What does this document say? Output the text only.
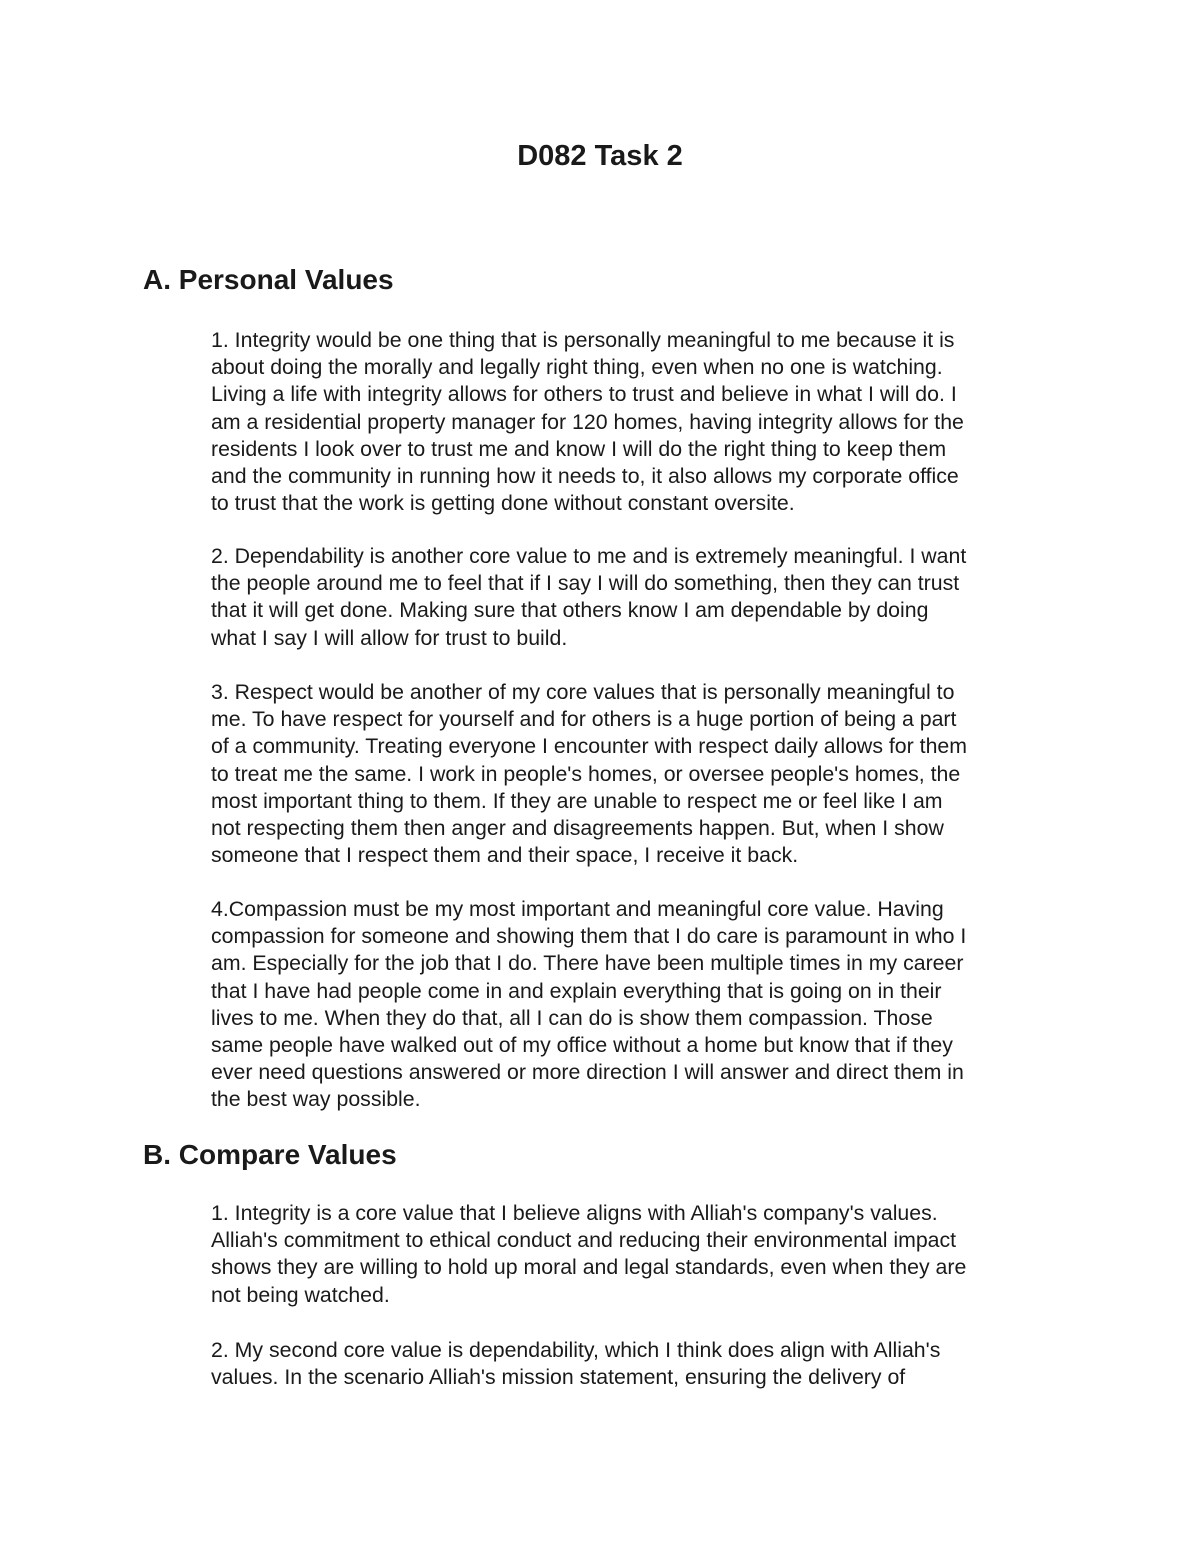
D082 Task 2
A. Personal Values

1. Integrity would be one thing that is personally meaningful to me because it is
about doing the morally and legally right thing, even when no one is watching.
Living a life with integrity allows for others to trust and believe in what I will do. I
am a residential property manager for 120 homes, having integrity allows for the
residents I look over to trust me and know I will do the right thing to keep them
and the community in running how it needs to, it also allows my corporate office
to trust that the work is getting done without constant oversite.

2. Dependability is another core value to me and is extremely meaningful. I want
the people around me to feel that if I say I will do something, then they can trust
that it will get done. Making sure that others know I am dependable by doing
what I say I will allow for trust to build.

3. Respect would be another of my core values that is personally meaningful to
me. To have respect for yourself and for others is a huge portion of being a part
of a community. Treating everyone I encounter with respect daily allows for them
to treat me the same. I work in people's homes, or oversee people's homes, the
most important thing to them. If they are unable to respect me or feel like I am
not respecting them then anger and disagreements happen. But, when I show
someone that I respect them and their space, I receive it back.

4.Compassion must be my most important and meaningful core value. Having
compassion for someone and showing them that I do care is paramount in who I
am. Especially for the job that I do. There have been multiple times in my career
that I have had people come in and explain everything that is going on in their
lives to me. When they do that, all I can do is show them compassion. Those
same people have walked out of my office without a home but know that if they
ever need questions answered or more direction I will answer and direct them in
the best way possible.

B. Compare Values

1. Integrity is a core value that I believe aligns with Alliah's company's values.
Alliah's commitment to ethical conduct and reducing their environmental impact
shows they are willing to hold up moral and legal standards, even when they are
not being watched.

2. My second core value is dependability, which I think does align with Alliah's
values. In the scenario Alliah's mission statement, ensuring the delivery of
